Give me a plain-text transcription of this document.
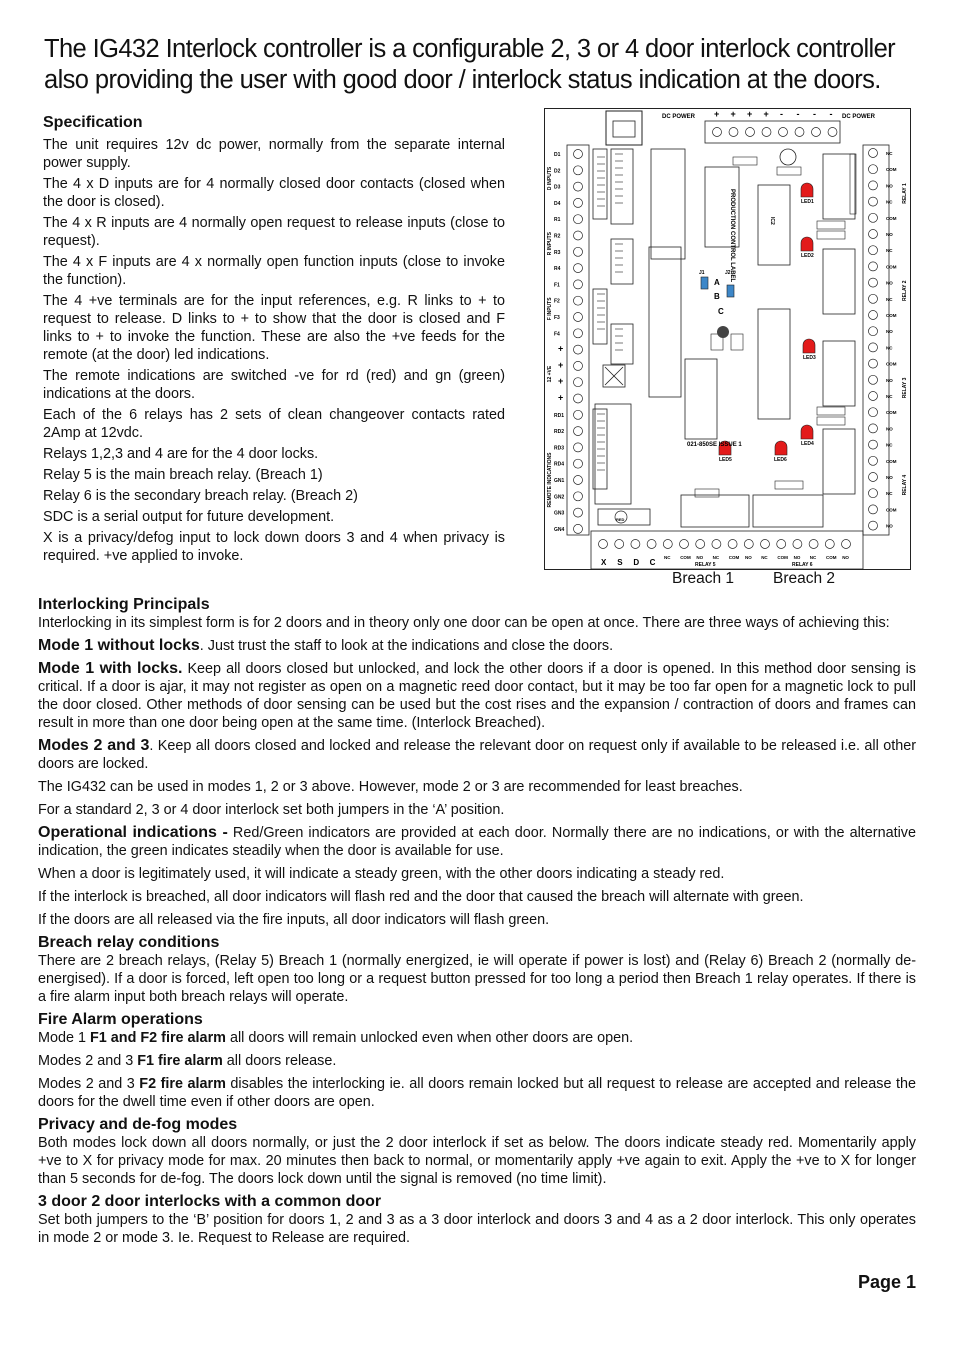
The IG432 Interlock controller is a configurable 2, 3 or 4 door interlock controller also providing the user with good door / interlock status indication at the doors.
Specification

The unit requires 12v dc power, normally from the separate internal power supply.

The 4 x D inputs are for 4 normally closed door contacts (closed when the door is closed).

The 4 x R inputs are 4 normally open request to release inputs (close to request).

The 4 x F inputs are 4 x normally open function inputs (close to invoke the function).

The 4 +ve terminals are for the input references, e.g. R links to + to request to release. D links to + to show that the door is closed and F links to + to invoke the function. These are also the +ve feeds for the remote (at the door) led indications.

The remote indications are switched -ve for rd (red) and gn (green) indications at the doors.

Each of the 6 relays has 2 sets of clean changeover contacts rated 2Amp at 12vdc.

Relays 1,2,3 and 4 are for the 4 door locks.

Relay 5 is the main breach relay. (Breach 1)

Relay 6 is the secondary breach relay. (Breach 2)

SDC is a serial output for future development.

X is a privacy/defog input to lock down doors 3 and 4 when privacy is required. +ve applied to invoke.

+ + + + - - - -
D1
D2
D3
D4
R1
R2
R3
R4
F1
F2
F3
F4
+
+
+
+
RD1
RD2
RD3
RD4
GN1
GN2
GN3
GN4
D INPUTS
R INPUTS
F INPUTS
12 +VE
REMOTE INDICATIONS
NC
COM
NO
NC
COM
NO
NC
COM
NO
NC
COM
NO
NC
COM
NO
NC
COM
NO
NC
COM
NO
NC
COM
NO
RELAY 1
RELAY 2
RELAY 3
RELAY 4
X S D C
NC COM NO NC COM NO NC COM NO NC COM NO
RELAY 5	RELAY 6
DC POWER	DC POWER
PRODUCTION CONTROL LABEL	IC2
J1	J2
A
B
C
LED1
LED2
LED3
LED4
LED5	LED6
021-850SE ISSUE 1
RED
Breach 1	Breach 2
Interlocking Principals

Interlocking in its simplest form is for 2 doors and in theory only one door can be open at once. There are three ways of achieving this:

Mode 1 without locks. Just trust the staff to look at the indications and close the doors.

Mode 1 with locks. Keep all doors closed but unlocked, and lock the other doors if a door is opened. In this method door sensing is critical. If a door is ajar, it may not register as open on a magnetic reed door contact, but it may be too far open for a magnetic lock to pull the door closed. Other methods of door sensing can be used but the cost rises and the expansion / contraction of doors and frames can result in more than one door being open at the same time. (Interlock Breached).

Modes 2 and 3. Keep all doors closed and locked and release the relevant door on request only if available to be released i.e. all other doors are locked.

The IG432 can be used in modes 1, 2 or 3 above. However, mode 2 or 3 are recommended for least breaches.

For a standard 2, 3 or 4 door interlock set both jumpers in the ‘A’ position.

Operational indications - Red/Green indicators are provided at each door. Normally there are no indications, or with the alternative indication, the green indicates steadily when the door is available for use.

When a door is legitimately used, it will indicate a steady green, with the other doors indicating a steady red.

If the interlock is breached, all door indicators will flash red and the door that caused the breach will alternate with green.

If the doors are all released via the fire inputs, all door indicators will flash green.

Breach relay conditions

There are 2 breach relays, (Relay 5) Breach 1 (normally energized, ie will operate if power is lost) and (Relay 6) Breach 2 (normally de-energised). If a door is forced, left open too long or a request button pressed for too long a period then Breach 1 relay operates. If there is a fire alarm input both breach relays will operate.

Fire Alarm operations

Mode 1 F1 and F2 fire alarm all doors will remain unlocked even when other doors are open.

Modes 2 and 3 F1 fire alarm all doors release.

Modes 2 and 3 F2 fire alarm disables the interlocking ie. all doors remain locked but all request to release are accepted and release the doors for the dwell time even if other doors are open.

Privacy and de-fog modes

Both modes lock down all doors normally, or just the 2 door interlock if set as below. The doors indicate steady red. Momentarily apply +ve to X for privacy mode for max. 20 minutes then back to normal, or momentarily apply +ve again to exit. Apply the +ve to X for longer than 5 seconds for de-fog. The doors lock down until the signal is removed (no time limit).

3 door 2 door interlocks with a common door

Set both jumpers to the ‘B’ position for doors 1, 2 and 3 as a 3 door interlock and doors 3 and 4 as a 2 door interlock. This only operates in mode 2 or mode 3. Ie. Request to Release are required.

Page 1
